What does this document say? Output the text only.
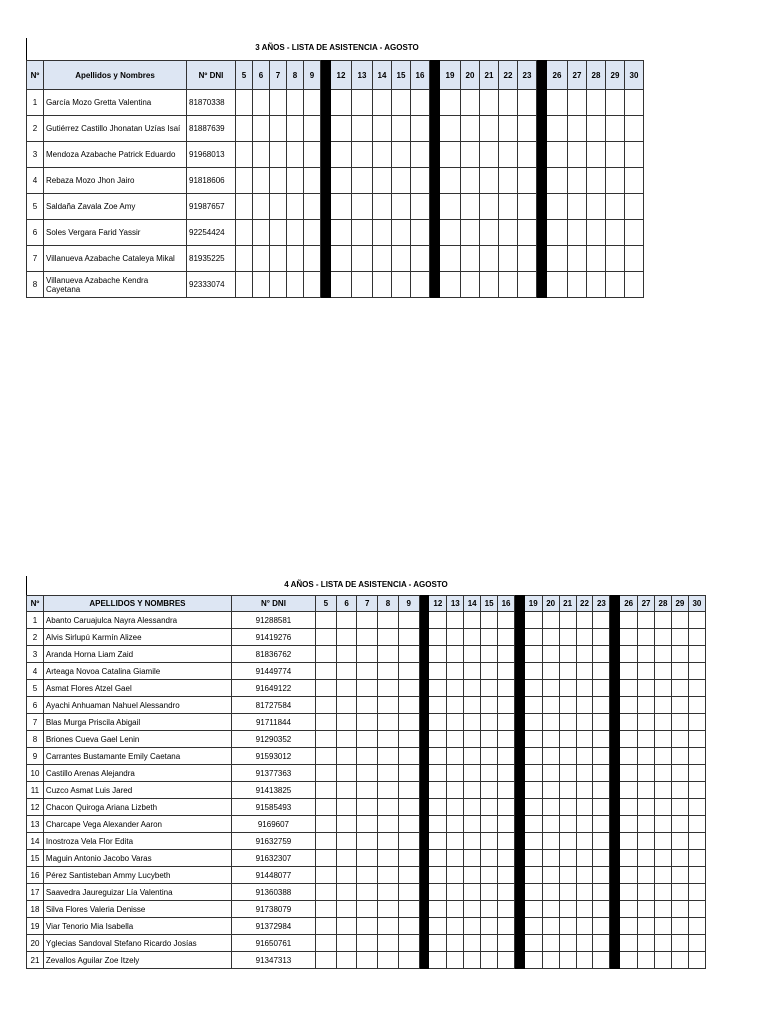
3 AÑOS - LISTA DE ASISTENCIA - AGOSTO
Nº	Apellidos y Nombres	Nº DNI	5	6	7	8	9		12	13	14	15	16		19	20	21	22	23		26	27	28	29	30
1	García Mozo Gretta Valentina	81870338																							
2	Gutiérrez Castillo Jhonatan Uzías Isaí	81887639																							
3	Mendoza Azabache Patrick Eduardo	91968013																							
4	Rebaza Mozo Jhon Jairo	91818606																							
5	Saldaña Zavala Zoe Amy	91987657																							
6	Soles Vergara Farid Yassir	92254424																							
7	Villanueva Azabache Cataleya Mikal	81935225																							
8	Villanueva Azabache Kendra Cayetana	92333074																							
4 AÑOS - LISTA DE ASISTENCIA - AGOSTO
Nº	APELLIDOS Y NOMBRES	N° DNI	5	6	7	8	9		12	13	14	15	16		19	20	21	22	23		26	27	28	29	30
1	Abanto Caruajulca Nayra Alessandra	91288581																							
2	Alvis Sirlupú Karmín Alizee	91419276																							
3	Aranda Horna Liam Zaid	81836762																							
4	Arteaga Novoa Catalina Giamile	91449774																							
5	Asmat Flores Atzel Gael	91649122																							
6	Ayachi Anhuaman Nahuel Alessandro	81727584																							
7	Blas Murga Priscila Abigail	91711844																							
8	Briones Cueva Gael Lenin	91290352																							
9	Carrantes Bustamante Emily Caetana	91593012																							
10	Castillo Arenas Alejandra	91377363																							
11	Cuzco Asmat Luis Jared	91413825																							
12	Chacon Quiroga Ariana Lizbeth	91585493																							
13	Charcape Vega Alexander Aaron	9169607																							
14	Inostroza Vela Flor Edita	91632759																							
15	Maguin Antonio Jacobo Varas	91632307																							
16	Pérez Santisteban Ammy Lucybeth	91448077																							
17	Saavedra Jaureguizar Lía Valentina	91360388																							
18	Silva Flores Valeria Denisse	91738079																							
19	Viar Tenorio Mia Isabella	91372984																							
20	Yglecias Sandoval Stefano Ricardo Josías	91650761																							
21	Zevallos Aguilar Zoe Itzely	91347313																							
